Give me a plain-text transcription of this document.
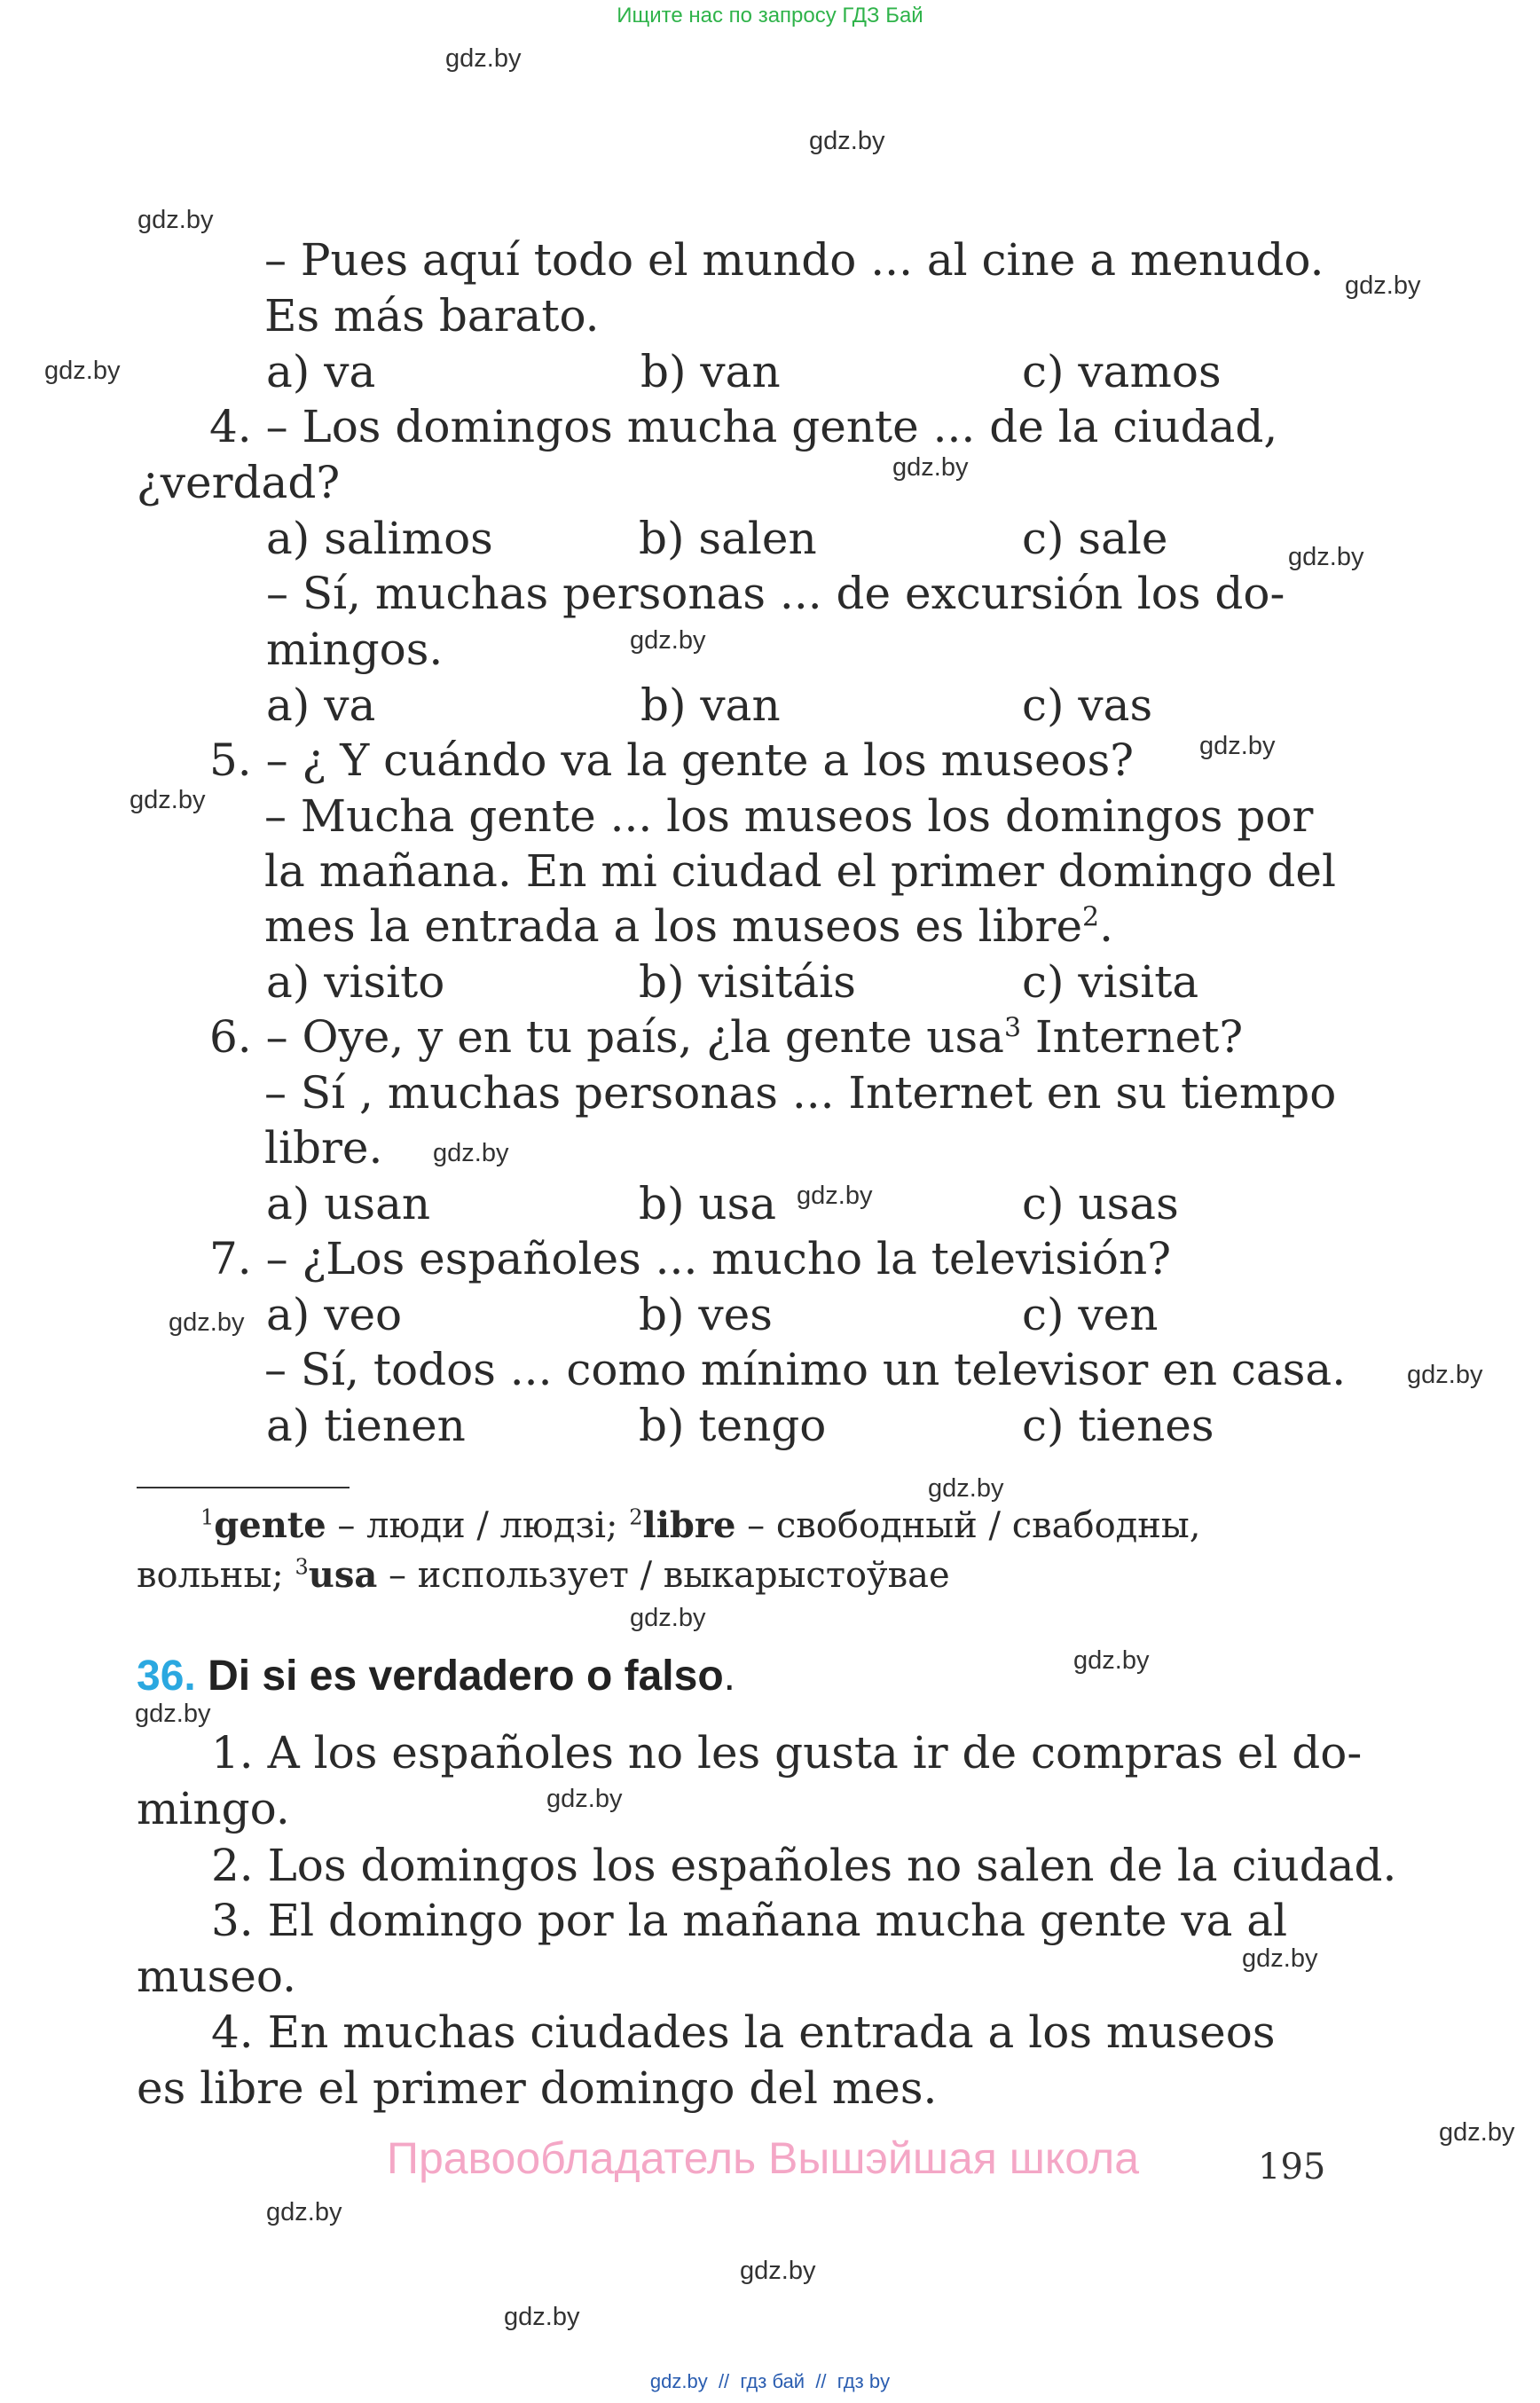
Ищите нас по запросу ГДЗ Бай
gdz.by
gdz.by
gdz.by
gdz.by
gdz.by
gdz.by
gdz.by
gdz.by
gdz.by
gdz.by
gdz.by
gdz.by
gdz.by
gdz.by
gdz.by
gdz.by
gdz.by
gdz.by
gdz.by
gdz.by
gdz.by
gdz.by
gdz.by
gdz.by
– Pues aquí todo el mundo ... al cine a menudo.
Es más barato.
a) va	b) van	c) vamos
4. – Los domingos mucha gente ... de la ciudad,
¿verdad?
a) salimos	b) salen	c) sale
– Sí, muchas personas ... de excursión los do-
mingos.
a) va	b) van	c) vas
5. – ¿ Y cuándo va la gente a los museos?
– Mucha gente ... los museos los domingos por
la mañana. En mi ciudad el primer domingo del
mes la entrada a los museos es libre$^2$.
a) visito	b) visitáis	c) visita
6. – Oye, y en tu país, ¿la gente usa$^3$ Internet?
– Sí , muchas personas ... Internet en su tiempo
libre.
a) usan	b) usa	c) usas
7. – ¿Los españoles ... mucho la televisión?
a) veo	b) ves	c) ven
– Sí, todos ... como mínimo un televisor en casa.
a) tienen	b) tengo	c) tienes
$^1$gente – люди / людзі; $^2$libre – свободный / свабодны,
вольны; $^3$usa – использует / выкарыстоўвае
36. Di si es verdadero o falso.
1. A los españoles no les gusta ir de compras el do-
mingo.
2. Los domingos los españoles no salen de la ciudad.
3. El domingo por la mañana mucha gente va al
museo.
4. En muchas ciudades la entrada a los museos
es libre el primer domingo del mes.
Правообладатель Вышэйшая школа	195
gdz.by  //  гдз бай  //  гдз by
